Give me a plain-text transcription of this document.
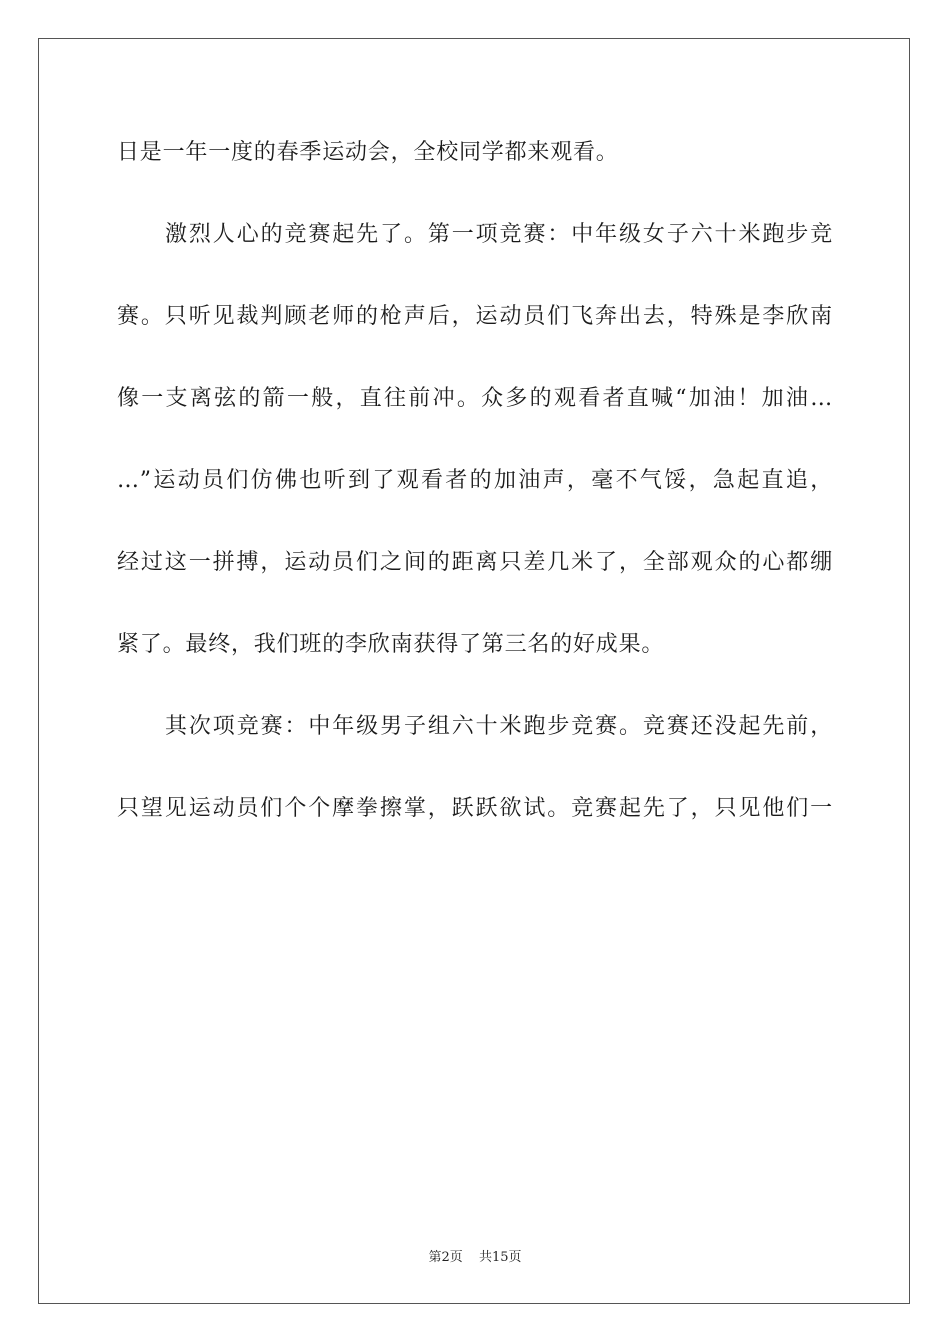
日是一年一度的春季运动会，全校同学都来观看。
激烈人心的竞赛起先了。第一项竞赛：中年级女子六十米跑步竞
赛。只听见裁判顾老师的枪声后，运动员们飞奔出去，特殊是李欣南
像一支离弦的箭一般，直往前冲。众多的观看者直喊“加油！加油…
…”运动员们仿佛也听到了观看者的加油声，毫不气馁，急起直追，
经过这一拼搏，运动员们之间的距离只差几米了，全部观众的心都绷
紧了。最终，我们班的李欣南获得了第三名的好成果。
其次项竞赛：中年级男子组六十米跑步竞赛。竞赛还没起先前，
只望见运动员们个个摩拳擦掌，跃跃欲试。竞赛起先了，只见他们一
第2页 共15页
